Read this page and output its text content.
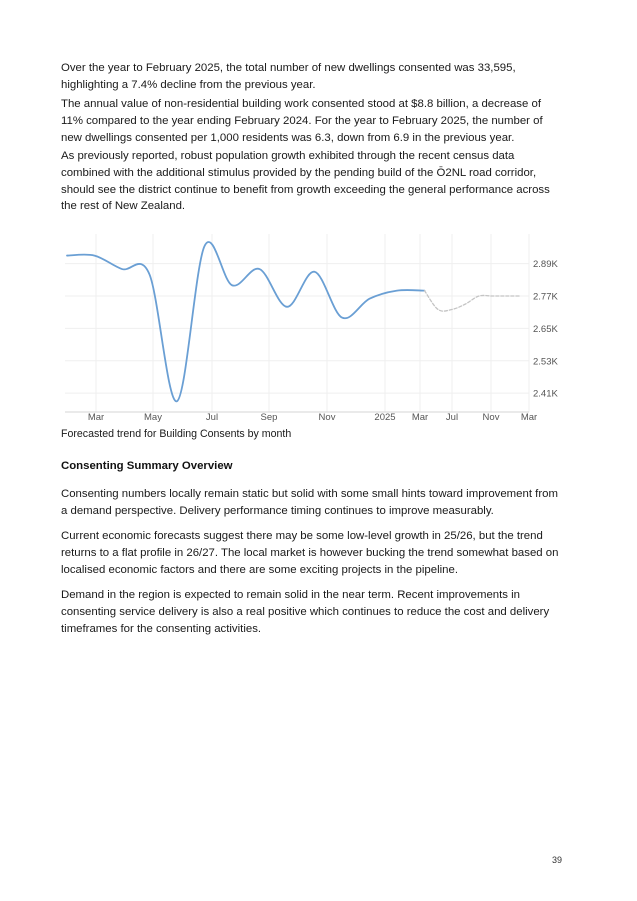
Over the year to February 2025, the total number of new dwellings consented was 33,595, highlighting a 7.4% decline from the previous year.

The annual value of non-residential building work consented stood at $8.8 billion, a decrease of 11% compared to the year ending February 2024. For the year to February 2025, the number of new dwellings consented per 1,000 residents was 6.3, down from 6.9 in the previous year.

As previously reported, robust population growth exhibited through the recent census data combined with the additional stimulus provided by the pending build of the Ō2NL road corridor, should see the district continue to benefit from growth exceeding the general performance across the rest of New Zealand.

2.89K
2.77K
2.65K
2.53K
2.41K
Mar	May	Jul	Sep	Nov	2025 Mar Jul	Nov Mar
Forecasted trend for Building Consents by month
Consenting Summary Overview

Consenting numbers locally remain static but solid with some small hints toward improvement from a demand perspective. Delivery performance timing continues to improve measurably.

Current economic forecasts suggest there may be some low-level growth in 25/26, but the trend returns to a flat profile in 26/27. The local market is however bucking the trend somewhat based on localised economic factors and there are some exciting projects in the pipeline.

Demand in the region is expected to remain solid in the near term. Recent improvements in consenting service delivery is also a real positive which continues to reduce the cost and delivery timeframes for the consenting activities.

39
